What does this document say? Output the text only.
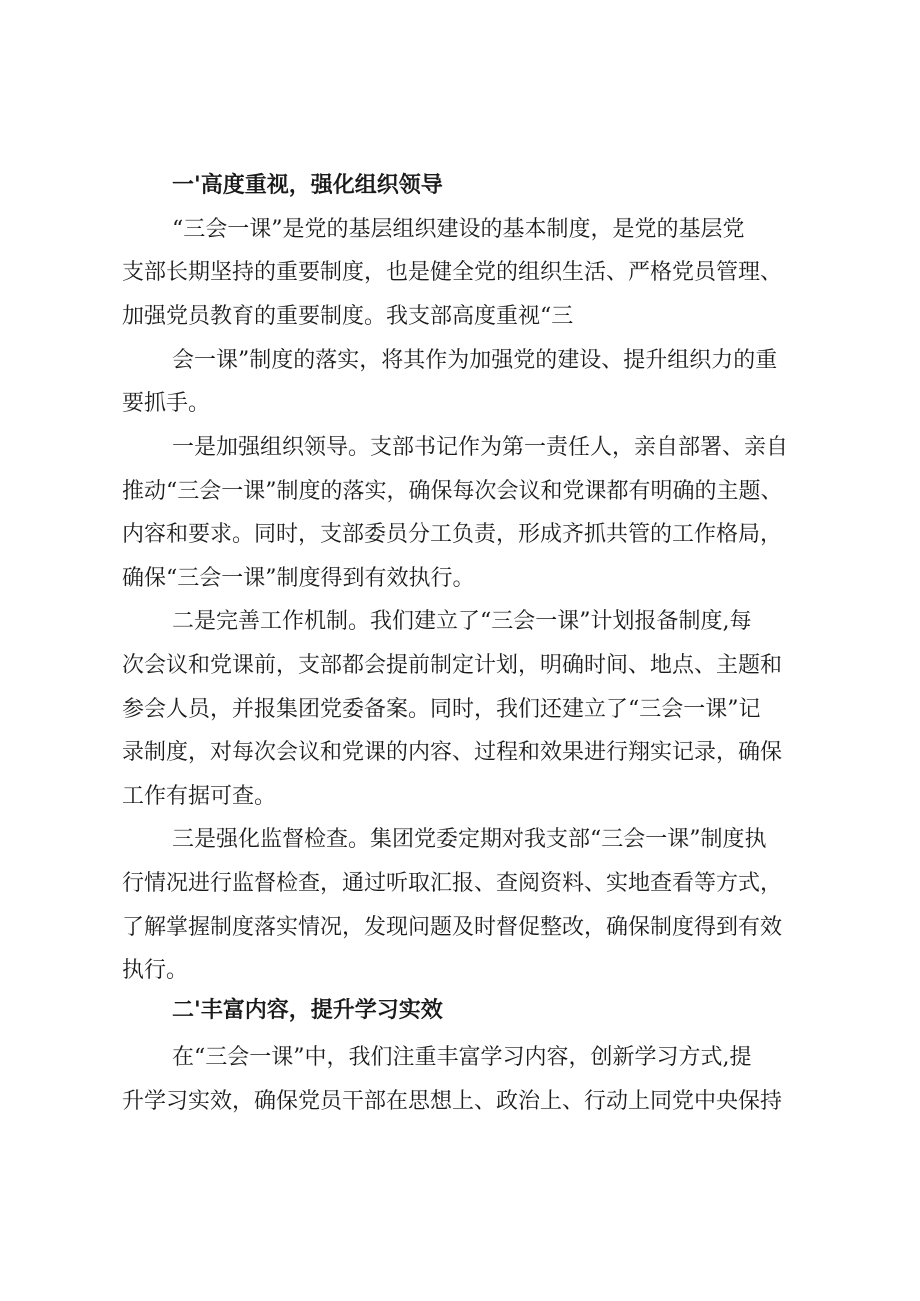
一'高度重视，强化组织领导
“三会一课”是党的基层组织建设的基本制度，是党的基层党
支部长期坚持的重要制度，也是健全党的组织生活、严格党员管理、
加强党员教育的重要制度。我支部高度重视“三
会一课”制度的落实，将其作为加强党的建设、提升组织力的重
要抓手。
一是加强组织领导。支部书记作为第一责任人，亲自部署、亲自
推动“三会一课”制度的落实，确保每次会议和党课都有明确的主题、
内容和要求。同时，支部委员分工负责，形成齐抓共管的工作格局，
确保“三会一课”制度得到有效执行。
二是完善工作机制。我们建立了“三会一课”计划报备制度,每
次会议和党课前，支部都会提前制定计划，明确时间、地点、主题和
参会人员，并报集团党委备案。同时，我们还建立了“三会一课”记
录制度，对每次会议和党课的内容、过程和效果进行翔实记录，确保
工作有据可查。
三是强化监督检查。集团党委定期对我支部“三会一课”制度执
行情况进行监督检查，通过听取汇报、查阅资料、实地查看等方式，
了解掌握制度落实情况，发现问题及时督促整改，确保制度得到有效
执行。
二'丰富内容，提升学习实效
在“三会一课”中，我们注重丰富学习内容，创新学习方式,提
升学习实效，确保党员干部在思想上、政治上、行动上同党中央保持
